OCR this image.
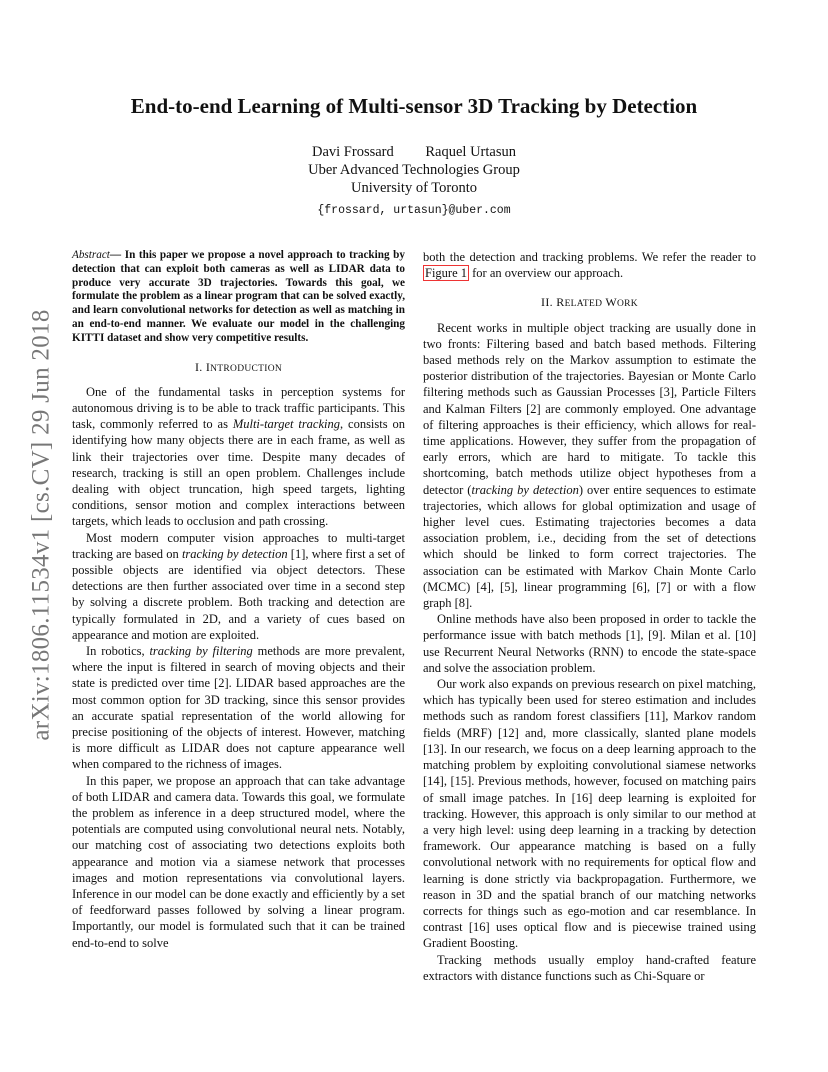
arXiv:1806.11534v1 [cs.CV] 29 Jun 2018
End-to-end Learning of Multi-sensor 3D Tracking by Detection
Davi Frossard Raquel Urtasun
Uber Advanced Technologies Group
University of Toronto
{frossard, urtasun}@uber.com
Abstract— In this paper we propose a novel approach to tracking by detection that can exploit both cameras as well as LIDAR data to produce very accurate 3D trajectories. Towards this goal, we formulate the problem as a linear program that can be solved exactly, and learn convolutional networks for detection as well as matching in an end-to-end manner. We evaluate our model in the challenging KITTI dataset and show very competitive results.
I. INTRODUCTION

One of the fundamental tasks in perception systems for autonomous driving is to be able to track traffic participants. This task, commonly referred to as Multi-target tracking, consists on identifying how many objects there are in each frame, as well as link their trajectories over time. Despite many decades of research, tracking is still an open problem. Challenges include dealing with object truncation, high speed targets, lighting conditions, sensor motion and complex interactions between targets, which leads to occlusion and path crossing.

Most modern computer vision approaches to multi-target tracking are based on tracking by detection [1], where first a set of possible objects are identified via object detectors. These detections are then further associated over time in a second step by solving a discrete problem. Both tracking and detection are typically formulated in 2D, and a variety of cues based on appearance and motion are exploited.

In robotics, tracking by filtering methods are more prevalent, where the input is filtered in search of moving objects and their state is predicted over time [2]. LIDAR based approaches are the most common option for 3D tracking, since this sensor provides an accurate spatial representation of the world allowing for precise positioning of the objects of interest. However, matching is more difficult as LIDAR does not capture appearance well when compared to the richness of images.

In this paper, we propose an approach that can take advantage of both LIDAR and camera data. Towards this goal, we formulate the problem as inference in a deep structured model, where the potentials are computed using convolutional neural nets. Notably, our matching cost of associating two detections exploits both appearance and motion via a siamese network that processes images and motion representations via convolutional layers. Inference in our model can be done exactly and efficiently by a set of feedforward passes followed by solving a linear program. Importantly, our model is formulated such that it can be trained end-to-end to solve

both the detection and tracking problems. We refer the reader to Figure 1 for an overview our approach.

II. RELATED WORK

Recent works in multiple object tracking are usually done in two fronts: Filtering based and batch based methods. Filtering based methods rely on the Markov assumption to estimate the posterior distribution of the trajectories. Bayesian or Monte Carlo filtering methods such as Gaussian Processes [3], Particle Filters and Kalman Filters [2] are commonly employed. One advantage of filtering approaches is their efficiency, which allows for real-time applications. However, they suffer from the propagation of early errors, which are hard to mitigate. To tackle this shortcoming, batch methods utilize object hypotheses from a detector (tracking by detection) over entire sequences to estimate trajectories, which allows for global optimization and usage of higher level cues. Estimating trajectories becomes a data association problem, i.e., deciding from the set of detections which should be linked to form correct trajectories. The association can be estimated with Markov Chain Monte Carlo (MCMC) [4], [5], linear programming [6], [7] or with a flow graph [8].

Online methods have also been proposed in order to tackle the performance issue with batch methods [1], [9]. Milan et al. [10] use Recurrent Neural Networks (RNN) to encode the state-space and solve the association problem.

Our work also expands on previous research on pixel matching, which has typically been used for stereo estimation and includes methods such as random forest classifiers [11], Markov random fields (MRF) [12] and, more classically, slanted plane models [13]. In our research, we focus on a deep learning approach to the matching problem by exploiting convolutional siamese networks [14], [15]. Previous methods, however, focused on matching pairs of small image patches. In [16] deep learning is exploited for tracking. However, this approach is only similar to our method at a very high level: using deep learning in a tracking by detection framework. Our appearance matching is based on a fully convolutional network with no requirements for optical flow and learning is done strictly via backpropagation. Furthermore, we reason in 3D and the spatial branch of our matching networks corrects for things such as ego-motion and car resemblance. In contrast [16] uses optical flow and is piecewise trained using Gradient Boosting.

Tracking methods usually employ hand-crafted feature extractors with distance functions such as Chi-Square or
